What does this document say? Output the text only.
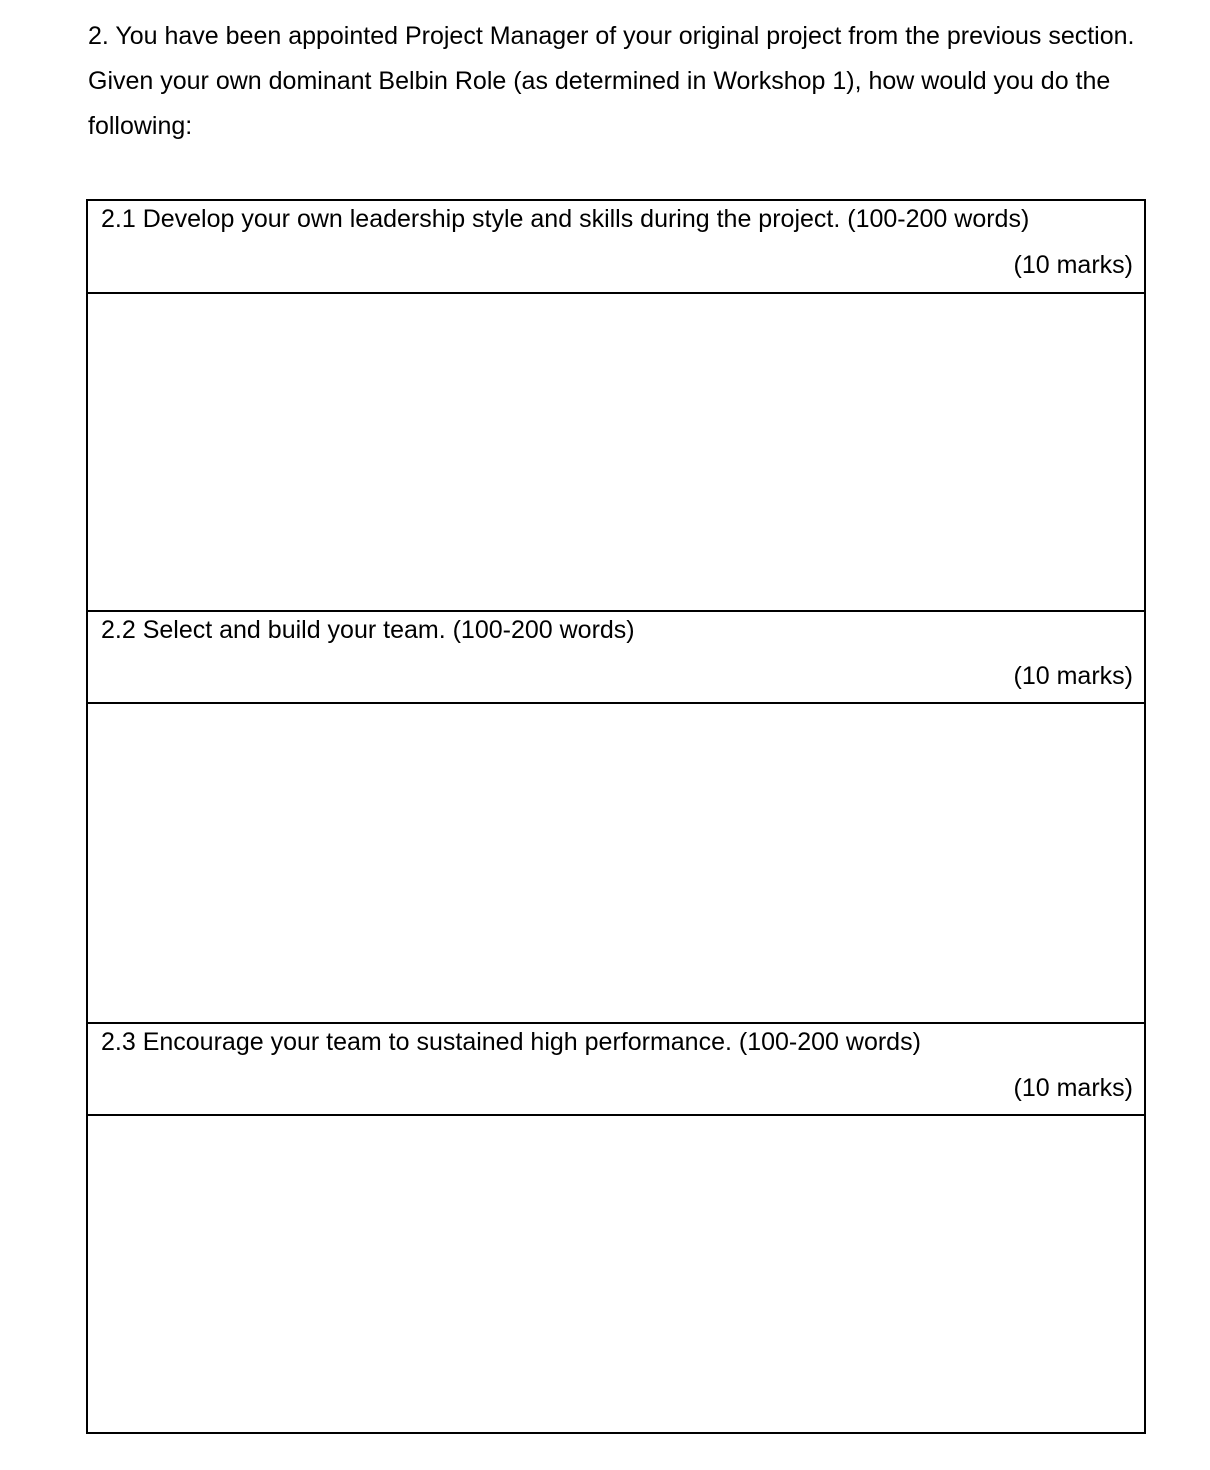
2. You have been appointed Project Manager of your original project from the previous section. Given your own dominant Belbin Role (as determined in Workshop 1), how would you do the following:

2.1 Develop your own leadership style and skills during the project. (100-200 words)
(10 marks)

2.2 Select and build your team. (100-200 words)
(10 marks)

2.3 Encourage your team to sustained high performance. (100-200 words)
(10 marks)
